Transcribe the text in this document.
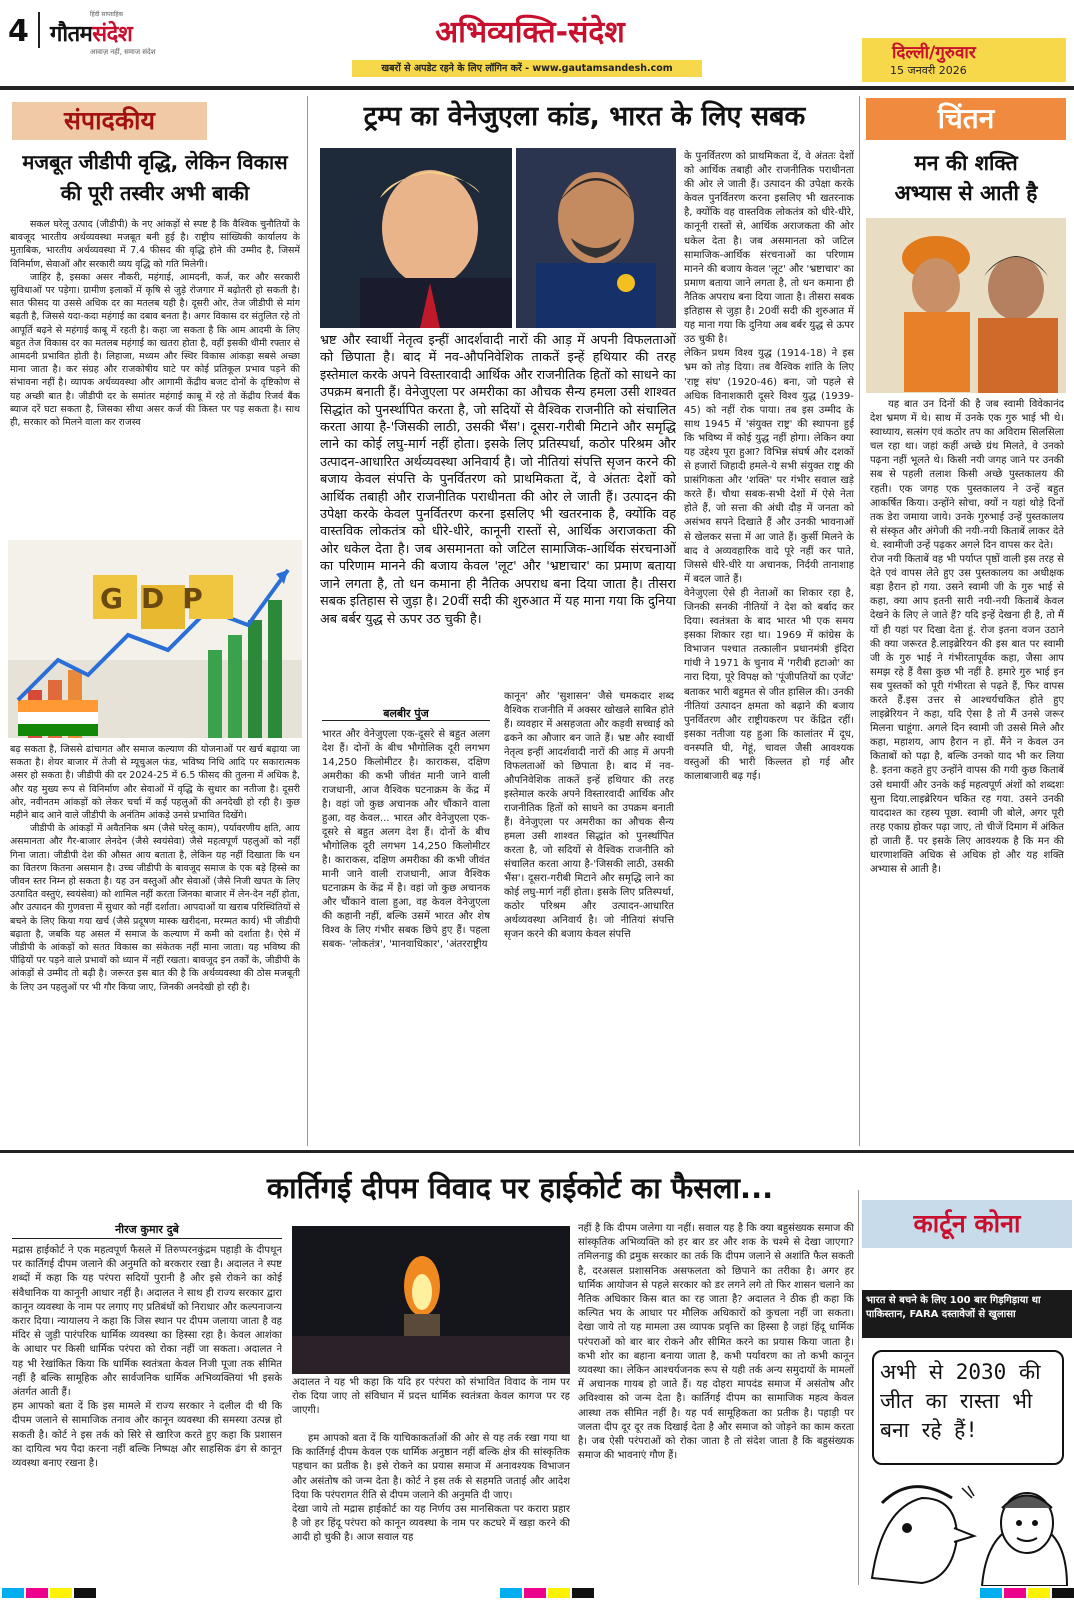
4	हिंदी साप्ताहिक
गौतमसंदेश
आवाज़ नहीं, समाज संदेश
अभिव्यक्ति-संदेश
खबरों से अपडेट रहने के लिए लॉगिन करें - www.gautamsandesh.com
दिल्ली/गुरुवार
15 जनवरी 2026
संपादकीय
मजबूत जीडीपी वृद्धि, लेकिन विकास
की पूरी तस्वीर अभी बाकी

सकल घरेलू उत्पाद (जीडीपी) के नए आंकड़ों से स्पष्ट है कि वैश्विक चुनौतियों के बावजूद भारतीय अर्थव्यवस्था मजबूत बनी हुई है। राष्ट्रीय सांख्यिकी कार्यालय के मुताबिक, भारतीय अर्थव्यवस्था में 7.4 फीसद की वृद्धि होने की उम्मीद है, जिसमें विनिर्माण, सेवाओं और सरकारी व्यय वृद्धि को गति मिलेगी।

जाहिर है, इसका असर नौकरी, महंगाई, आमदनी, कर्ज, कर और सरकारी सुविधाओं पर पड़ेगा। ग्रामीण इलाकों में कृषि से जुड़े रोजगार में बढ़ोतरी हो सकती है। सात फीसद या उससे अधिक दर का मतलब यही है। दूसरी ओर, तेज जीडीपी से मांग बढ़ती है, जिससे यदा-कदा महंगाई का दबाव बनता है। अगर विकास दर संतुलित रहे तो आपूर्ति बढ़ने से महंगाई काबू में रहती है। कहा जा सकता है कि आम आदमी के लिए बहुत तेज विकास दर का मतलब महंगाई का खतरा होता है, वहीं इसकी धीमी रफ्तार से आमदनी प्रभावित होती है। लिहाजा, मध्यम और स्थिर विकास आंकड़ा सबसे अच्छा माना जाता है। कर संग्रह और राजकोषीय घाटे पर कोई प्रतिकूल प्रभाव पड़ने की संभावना नहीं है। व्यापक अर्थव्यवस्था और आगामी केंद्रीय बजट दोनों के दृष्टिकोण से यह अच्छी बात है। जीडीपी दर के समांतर महंगाई काबू में रहे तो केंद्रीय रिजर्व बैंक ब्याज दरें घटा सकता है, जिसका सीधा असर कर्ज की किस्त पर पड़ सकता है। साथ ही, सरकार को मिलने वाला कर राजस्व

GDP

बढ़ सकता है, जिससे ढांचागत और समाज कल्याण की योजनाओं पर खर्च बढ़ाया जा सकता है। शेयर बाजार में तेजी से म्यूचुअल फंड, भविष्य निधि आदि पर सकारात्मक असर हो सकता है। जीडीपी की दर 2024-25 में 6.5 फीसद की तुलना में अधिक है, और यह मुख्य रूप से विनिर्माण और सेवाओं में वृद्धि के सुधार का नतीजा है। दूसरी ओर, नवीनतम आंकड़ों को लेकर चर्चा में कई पहलुओं की अनदेखी हो रही है। कुछ महीने बाद आने वाले जीडीपी के अनंतिम आंकड़े उनसे प्रभावित दिखेंगे।

जीडीपी के आंकड़ों में अवैतनिक श्रम (जैसे घरेलू काम), पर्यावरणीय क्षति, आय असमानता और गैर-बाजार लेनदेन (जैसे स्वयंसेवा) जैसे महत्वपूर्ण पहलुओं को नहीं गिना जाता। जीडीपी देश की औसत आय बताता है, लेकिन यह नहीं दिखाता कि धन का वितरण कितना असमान है। उच्च जीडीपी के बावजूद समाज के एक बड़े हिस्से का जीवन स्तर निम्न हो सकता है। यह उन वस्तुओं और सेवाओं (जैसे निजी खपत के लिए उत्पादित वस्तुएं, स्वयंसेवा) को शामिल नहीं करता जिनका बाजार में लेन-देन नहीं होता, और उत्पादन की गुणवत्ता में सुधार को नहीं दर्शाता। आपदाओं या खराब परिस्थितियों से बचने के लिए किया गया खर्च (जैसे प्रदूषण मास्क खरीदना, मरम्मत कार्य) भी जीडीपी बढ़ाता है, जबकि यह असल में समाज के कल्याण में कमी को दर्शाता है। ऐसे में जीडीपी के आंकड़ों को सतत विकास का संकेतक नहीं माना जाता। यह भविष्य की पीढ़ियों पर पड़ने वाले प्रभावों को ध्यान में नहीं रखता। बावजूद इन तर्कों के, जीडीपी के आंकड़ों से उम्मीद तो बढ़ी है। जरूरत इस बात की है कि अर्थव्यवस्था की ठोस मजबूती के लिए उन पहलुओं पर भी गौर किया जाए, जिनकी अनदेखी हो रही है।

ट्रम्प का वेनेजुएला कांड, भारत के लिए सबक
भ्रष्ट और स्वार्थी नेतृत्व इन्हीं आदर्शवादी नारों की आड़ में अपनी विफलताओं को छिपाता है। बाद में नव-औपनिवेशिक ताकतें इन्हें हथियार की तरह इस्तेमाल करके अपने विस्तारवादी आर्थिक और राजनीतिक हितों को साधने का उपक्रम बनाती हैं। वेनेजुएला पर अमरीका का औचक सैन्य हमला उसी शाश्वत सिद्धांत को पुनर्स्थापित करता है, जो सदियों से वैश्विक राजनीति को संचालित करता आया है-'जिसकी लाठी, उसकी भैंस'। दूसरा-गरीबी मिटाने और समृद्धि लाने का कोई लघु-मार्ग नहीं होता। इसके लिए प्रतिस्पर्धा, कठोर परिश्रम और उत्पादन-आधारित अर्थव्यवस्था अनिवार्य है। जो नीतियां संपत्ति सृजन करने की बजाय केवल संपत्ति के पुनर्वितरण को प्राथमिकता दें, वे अंततः देशों को आर्थिक तबाही और राजनीतिक पराधीनता की ओर ले जाती हैं। उत्पादन की उपेक्षा करके केवल पुनर्वितरण करना इसलिए भी खतरनाक है, क्योंकि वह वास्तविक लोकतंत्र को धीरे-धीरे, कानूनी रास्तों से, आर्थिक अराजकता की ओर धकेल देता है। जब असमानता को जटिल सामाजिक-आर्थिक संरचनाओं का परिणाम मानने की बजाय केवल 'लूट' और 'भ्रष्टाचार' का प्रमाण बताया जाने लगता है, तो धन कमाना ही नैतिक अपराध बना दिया जाता है। तीसरा सबक इतिहास से जुड़ा है। 20वीं सदी की शुरुआत में यह माना गया कि दुनिया अब बर्बर युद्ध से ऊपर उठ चुकी है।
बलबीर पुंज
भारत और वेनेजुएला एक-दूसरे से बहुत अलग देश हैं। दोनों के बीच भौगोलिक दूरी लगभग 14,250 किलोमीटर है। काराकस, दक्षिण अमरीका की कभी जीवंत मानी जाने वाली राजधानी, आज वैश्विक घटनाक्रम के केंद्र में है। वहां जो कुछ अचानक और चौंकाने वाला हुआ, वह केवल... भारत और वेनेजुएला एक-दूसरे से बहुत अलग देश हैं। दोनों के बीच भौगोलिक दूरी लगभग 14,250 किलोमीटर है। काराकस, दक्षिण अमरीका की कभी जीवंत मानी जाने वाली राजधानी, आज वैश्विक घटनाक्रम के केंद्र में है। वहां जो कुछ अचानक और चौंकाने वाला हुआ, वह केवल वेनेजुएला की कहानी नहीं, बल्कि उसमें भारत और शेष विश्व के लिए गंभीर सबक छिपे हुए हैं। पहला सबक- 'लोकतंत्र', 'मानवाधिकार', 'अंतरराष्ट्रीय
कानून' और 'सुशासन' जैसे चमकदार शब्द वैश्विक राजनीति में अक्सर खोखले साबित होते हैं। व्यवहार में असहजता और कड़वी सच्चाई को ढकने का औजार बन जाते हैं। भ्रष्ट और स्वार्थी नेतृत्व इन्हीं आदर्शवादी नारों की आड़ में अपनी विफलताओं को छिपाता है। बाद में नव-औपनिवेशिक ताकतें इन्हें हथियार की तरह इस्तेमाल करके अपने विस्तारवादी आर्थिक और राजनीतिक हितों को साधने का उपक्रम बनाती हैं। वेनेजुएला पर अमरीका का औचक सैन्य हमला उसी शाश्वत सिद्धांत को पुनर्स्थापित करता है, जो सदियों से वैश्विक राजनीति को संचालित करता आया है-'जिसकी लाठी, उसकी भैंस'। दूसरा-गरीबी मिटाने और समृद्धि लाने का कोई लघु-मार्ग नहीं होता। इसके लिए प्रतिस्पर्धा, कठोर परिश्रम और उत्पादन-आधारित अर्थव्यवस्था अनिवार्य है। जो नीतियां संपत्ति सृजन करने की बजाय केवल संपत्ति
के पुनर्वितरण को प्राथमिकता दें, वे अंततः देशों को आर्थिक तबाही और राजनीतिक पराधीनता की ओर ले जाती हैं। उत्पादन की उपेक्षा करके केवल पुनर्वितरण करना इसलिए भी खतरनाक है, क्योंकि वह वास्तविक लोकतंत्र को धीरे-धीरे, कानूनी रास्तों से, आर्थिक अराजकता की ओर धकेल देता है। जब असमानता को जटिल सामाजिक-आर्थिक संरचनाओं का परिणाम मानने की बजाय केवल 'लूट' और 'भ्रष्टाचार' का प्रमाण बताया जाने लगता है, तो धन कमाना ही नैतिक अपराध बना दिया जाता है। तीसरा सबक इतिहास से जुड़ा है। 20वीं सदी की शुरुआत में यह माना गया कि दुनिया अब बर्बर युद्ध से ऊपर उठ चुकी है।
लेकिन प्रथम विश्व युद्ध (1914-18) ने इस भ्रम को तोड़ दिया। तब वैश्विक शांति के लिए 'राष्ट्र संघ' (1920-46) बना, जो पहले से अधिक विनाशकारी दूसरे विश्व युद्ध (1939-45) को नहीं रोक पाया। तब इस उम्मीद के साथ 1945 में 'संयुक्त राष्ट्र' की स्थापना हुई कि भविष्य में कोई युद्ध नहीं होगा। लेकिन क्या यह उद्देश्य पूरा हुआ? विभिन्न संघर्ष और दशकों से हजारों जिहादी हमले-ये सभी संयुक्त राष्ट्र की प्रासंगिकता और 'शक्ति' पर गंभीर सवाल खड़े करते हैं। चौथा सबक-सभी देशों में ऐसे नेता होते हैं, जो सत्ता की अंधी दौड़ में जनता को असंभव सपने दिखाते हैं और उनकी भावनाओं से खेलकर सत्ता में आ जाते हैं। कुर्सी मिलने के बाद वे अव्यवहारिक वादे पूरे नहीं कर पाते, जिससे धीरे-धीरे या अचानक, निर्दयी तानाशाह में बदल जाते हैं।
वेनेजुएला ऐसे ही नेताओं का शिकार रहा है, जिनकी सनकी नीतियों ने देश को बर्बाद कर दिया। स्वतंत्रता के बाद भारत भी एक समय इसका शिकार रहा था। 1969 में कांग्रेस के विभाजन पश्चात तत्कालीन प्रधानमंत्री इंदिरा गांधी ने 1971 के चुनाव में 'गरीबी हटाओ' का नारा दिया, पूरे विपक्ष को 'पूंजीपतियों का एजेंट' बताकर भारी बहुमत से जीत हासिल की। उनकी नीतियां उत्पादन क्षमता को बढ़ाने की बजाय पुनर्वितरण और राष्ट्रीयकरण पर केंद्रित रहीं। इसका नतीजा यह हुआ कि कालांतर में दूध, वनस्पति घी, गेहूं, चावल जैसी आवश्यक वस्तुओं की भारी किल्लत हो गई और कालाबाजारी बढ़ गई।
चिंतन
मन की शक्ति
अभ्यास से आती है
यह बात उन दिनों की है जब स्वामी विवेकानंद देश भ्रमण में थे। साथ में उनके एक गुरु भाई भी थे। स्वाध्याय, सत्संग एवं कठोर तप का अविराम सिलसिला चल रहा था। जहां कहीं अच्छे ग्रंथ मिलते, वे उनको पढ़ना नहीं भूलते थे। किसी नयी जगह जाने पर उनकी सब से पहली तलाश किसी अच्छे पुस्तकालय की रहती। एक जगह एक पुस्तकालय ने उन्हें बहुत आकर्षित किया। उन्होंने सोचा, क्यों न यहां थोड़े दिनों तक डेरा जमाया जाये। उनके गुरुभाई उन्हें पुस्तकालय से संस्कृत और अंगेजी की नयी-नयी किताबें लाकर देते थे. स्वामीजी उन्हें पढ़कर अगले दिन वापस कर देते।
रोज नयी किताबें वह भी पर्याप्त पृष्ठों वाली इस तरह से देते एवं वापस लेते हुए उस पुस्तकालय का अधीक्षक बड़ा हैरान हो गया. उसने स्वामी जी के गुरु भाई से कहा, क्या आप इतनी सारी नयी-नयी किताबें केवल देखने के लिए ले जाते हैं? यदि इन्हें देखना ही है, तो मैं यों ही यहां पर दिखा देता हूं. रोज इतना वजन उठाने की क्या जरूरत है.लाइब्रेरियन की इस बात पर स्वामी जी के गुरु भाई ने गंभीरतापूर्वक कहा, जैसा आप समझ रहे हैं वैसा कुछ भी नहीं है. हमारे गुरु भाई इन सब पुस्तकों को पूरी गंभीरता से पढ़ते हैं, फिर वापस करते हैं.इस उत्तर से आश्चर्यचकित होते हुए लाइब्रेरियन ने कहा, यदि ऐसा है तो मैं उनसे जरूर मिलना चाहूंगा. अगले दिन स्वामी जी उससे मिले और कहा, महाशय, आप हैरान न हों. मैंने न केवल उन किताबों को पढ़ा है, बल्कि उनको याद भी कर लिया है. इतना कहते हुए उन्होंने वापस की गयी कुछ किताबें उसे थमायीं और उनके कई महत्वपूर्ण अंशों को शब्दशः सुना दिया.लाइब्रेरियन चकित रह गया. उसने उनकी याददाश्त का रहस्य पूछा. स्वामी जी बोले, अगर पूरी तरह एकाग्र होकर पढ़ा जाए, तो चीजें दिमाग में अंकित हो जाती हैं. पर इसके लिए आवश्यक है कि मन की धारणाशक्ति अधिक से अधिक हो और यह शक्ति अभ्यास से आती है।
कार्तिगई दीपम विवाद पर हाईकोर्ट का फैसला...
नीरज कुमार दुबे
मद्रास हाईकोर्ट ने एक महत्वपूर्ण फैसले में तिरुप्परनकुंद्रम पहाड़ी के दीपथून पर कार्तिगई दीपम जलाने की अनुमति को बरकरार रखा है। अदालत ने स्पष्ट शब्दों में कहा कि यह परंपरा सदियों पुरानी है और इसे रोकने का कोई संवैधानिक या कानूनी आधार नहीं है। अदालत ने साथ ही राज्य सरकार द्वारा कानून व्यवस्था के नाम पर लगाए गए प्रतिबंधों को निराधार और कल्पनाजन्य करार दिया। न्यायालय ने कहा कि जिस स्थान पर दीपम जलाया जाता है वह मंदिर से जुड़ी पारंपरिक धार्मिक व्यवस्था का हिस्सा रहा है। केवल आशंका के आधार पर किसी धार्मिक परंपरा को रोका नहीं जा सकता। अदालत ने यह भी रेखांकित किया कि धार्मिक स्वतंत्रता केवल निजी पूजा तक सीमित नहीं है बल्कि सामूहिक और सार्वजनिक धार्मिक अभिव्यक्तियां भी इसके अंतर्गत आती हैं।
हम आपको बता दें कि इस मामले में राज्य सरकार ने दलील दी थी कि दीपम जलाने से सामाजिक तनाव और कानून व्यवस्था की समस्या उत्पन्न हो सकती है। कोर्ट ने इस तर्क को सिरे से खारिज करते हुए कहा कि प्रशासन का दायित्व भय पैदा करना नहीं बल्कि निष्पक्ष और साहसिक ढंग से कानून व्यवस्था बनाए रखना है।
अदालत ने यह भी कहा कि यदि हर परंपरा को संभावित विवाद के नाम पर रोक दिया जाए तो संविधान में प्रदत्त धार्मिक स्वतंत्रता केवल कागज पर रह जाएगी।
हम आपको बता दें कि याचिकाकर्ताओं की ओर से यह तर्क रखा गया था कि कार्तिगई दीपम केवल एक धार्मिक अनुष्ठान नहीं बल्कि क्षेत्र की सांस्कृतिक पहचान का प्रतीक है। इसे रोकने का प्रयास समाज में अनावश्यक विभाजन और असंतोष को जन्म देता है। कोर्ट ने इस तर्क से सहमति जताई और आदेश दिया कि परंपरागत रीति से दीपम जलाने की अनुमति दी जाए।
देखा जाये तो मद्रास हाईकोर्ट का यह निर्णय उस मानसिकता पर करारा प्रहार है जो हर हिंदू परंपरा को कानून व्यवस्था के नाम पर कटघरे में खड़ा करने की आदी हो चुकी है। आज सवाल यह
नहीं है कि दीपम जलेगा या नहीं। सवाल यह है कि क्या बहुसंख्यक समाज की सांस्कृतिक अभिव्यक्ति को हर बार डर और शक के चश्मे से देखा जाएगा? तमिलनाडु की द्रमुक सरकार का तर्क कि दीपम जलाने से अशांति फैल सकती है, दरअसल प्रशासनिक असफलता को छिपाने का तरीका है। अगर हर धार्मिक आयोजन से पहले सरकार को डर लगने लगे तो फिर शासन चलाने का नैतिक अधिकार किस बात का रह जाता है? अदालत ने ठीक ही कहा कि कल्पित भय के आधार पर मौलिक अधिकारों को कुचला नहीं जा सकता। देखा जाये तो यह मामला उस व्यापक प्रवृत्ति का हिस्सा है जहां हिंदू धार्मिक परंपराओं को बार बार रोकने और सीमित करने का प्रयास किया जाता है। कभी शोर का बहाना बनाया जाता है, कभी पर्यावरण का तो कभी कानून व्यवस्था का। लेकिन आश्चर्यजनक रूप से यही तर्क अन्य समुदायों के मामलों में अचानक गायब हो जाते हैं। यह दोहरा मापदंड समाज में असंतोष और अविश्वास को जन्म देता है। कार्तिगई दीपम का सामाजिक महत्व केवल आस्था तक सीमित नहीं है। यह पर्व सामूहिकता का प्रतीक है। पहाड़ी पर जलता दीप दूर दूर तक दिखाई देता है और समाज को जोड़ने का काम करता है। जब ऐसी परंपराओं को रोका जाता है तो संदेश जाता है कि बहुसंख्यक समाज की भावनाएं गौण हैं।
कार्टून कोना
भारत से बचने के लिए 100 बार गिड़गिड़ाया था पाकिस्तान, FARA दस्तावेजों से खुलासा
अभी से 2030 की जीत का रास्ता भी बना रहे हैं!
